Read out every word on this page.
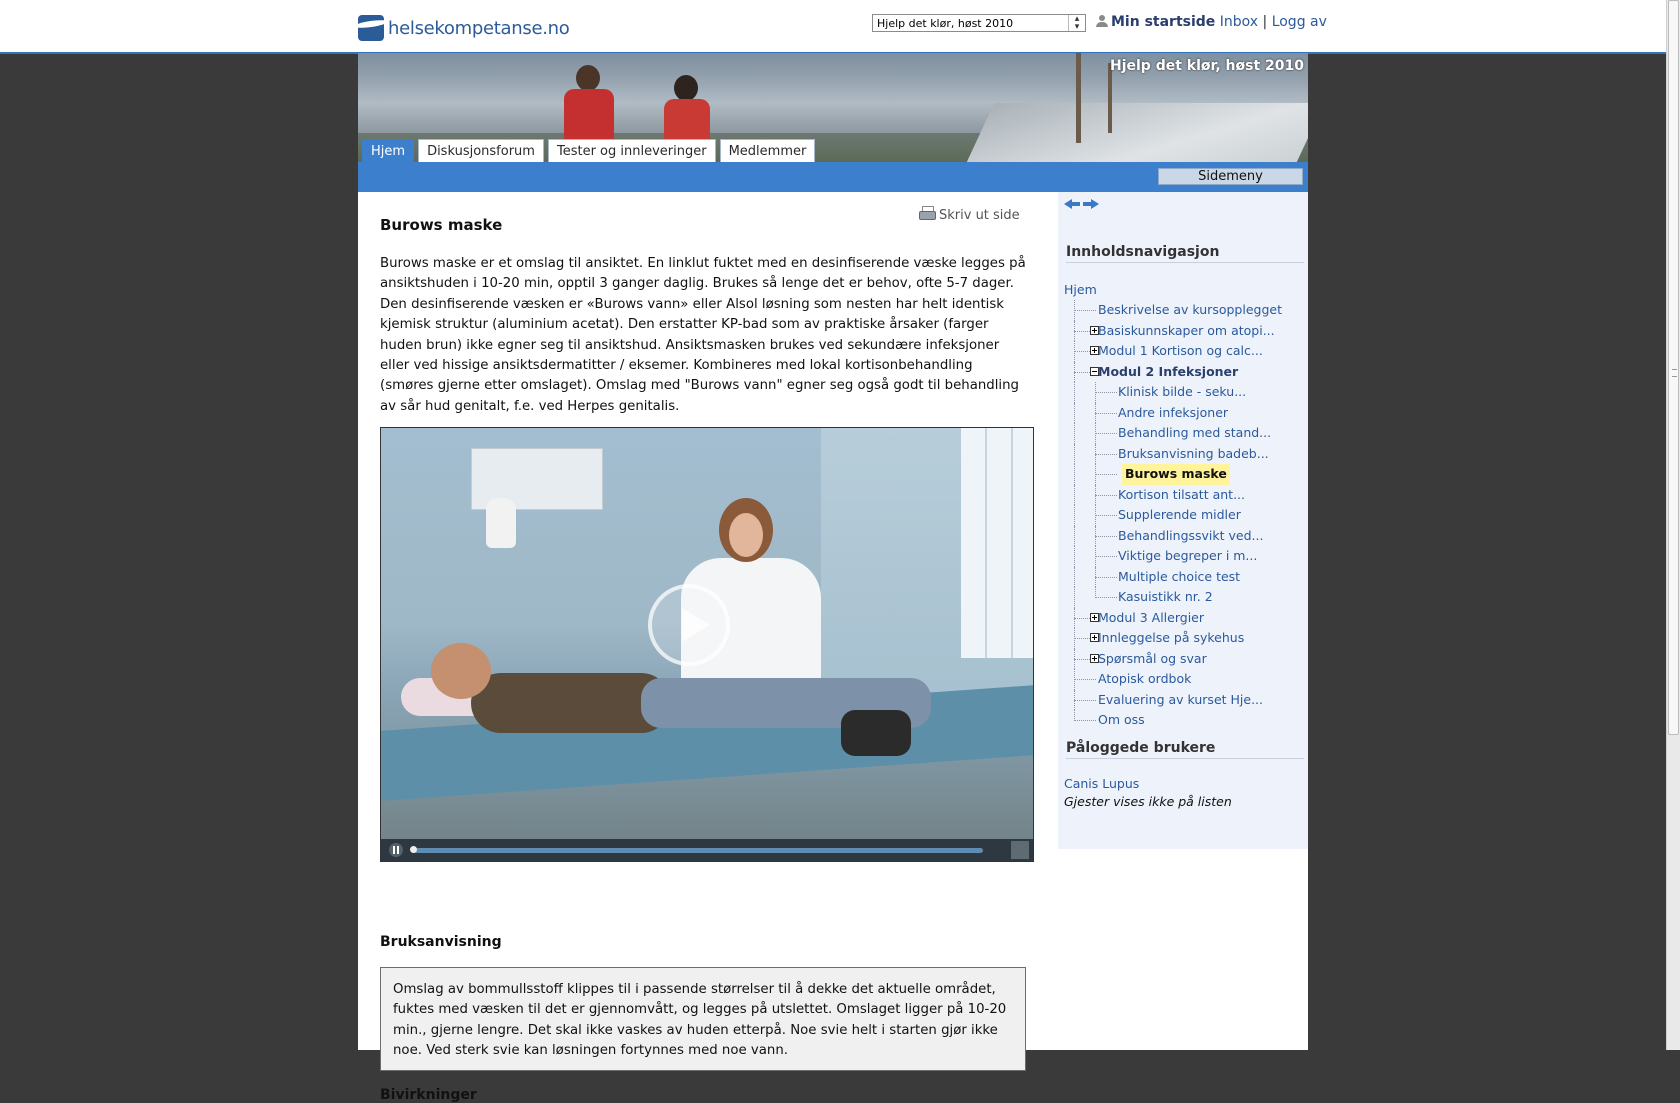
helsekompetanse.no	Hjelp det klør, høst 2010	▴
▾	Min startside Inbox | Logg av
Hjelp det klør, høst 2010
Hjem	Diskusjonsforum	Tester og innleveringer	Medlemmer
Sidemeny
Skriv ut side
Burows maske

Burows maske er et omslag til ansiktet. En linklut fuktet med en desinfiserende væske legges på ansiktshuden i 10-20 min, opptil 3 ganger daglig. Brukes så lenge det er behov, ofte 5-7 dager. Den desinfiserende væsken er «Burows vann» eller Alsol løsning som nesten har helt identisk kjemisk struktur (aluminium acetat). Den erstatter KP-bad som av praktiske årsaker (farger huden brun) ikke egner seg til ansiktshud. Ansiktsmasken brukes ved sekundære infeksjoner eller ved hissige ansiktsdermatitter / eksemer. Kombineres med lokal kortisonbehandling (smøres gjerne etter omslaget). Omslag med "Burows vann" egner seg også godt til behandling av sår hud genitalt, f.e. ved Herpes genitalis.

Bruksanvisning
Omslag av bommullsstoff klippes til i passende størrelser til å dekke det aktuelle området, fuktes med væsken til det er gjennomvått, og legges på utslettet. Omslaget ligger på 10-20 min., gjerne lengre. Det skal ikke vaskes av huden etterpå. Noe svie helt i starten gjør ikke noe. Ved sterk svie kan løsningen fortynnes med noe vann.
Bivirkninger
Innholdsnavigasjon
Hjem
Beskrivelse av kursopplegget
Basiskunnskaper om atopi...
Modul 1 Kortison og calc...
Modul 2 Infeksjoner
Klinisk bilde - seku...
Andre infeksjoner
Behandling med stand...
Bruksanvisning badeb...
Burows maske
Kortison tilsatt ant...
Supplerende midler
Behandlingssvikt ved...
Viktige begreper i m...
Multiple choice test
Kasuistikk nr. 2
Modul 3 Allergier
Innleggelse på sykehus
Spørsmål og svar
Atopisk ordbok
Evaluering av kurset Hje...
Om oss
Påloggede brukere
Canis Lupus
Gjester vises ikke på listen
